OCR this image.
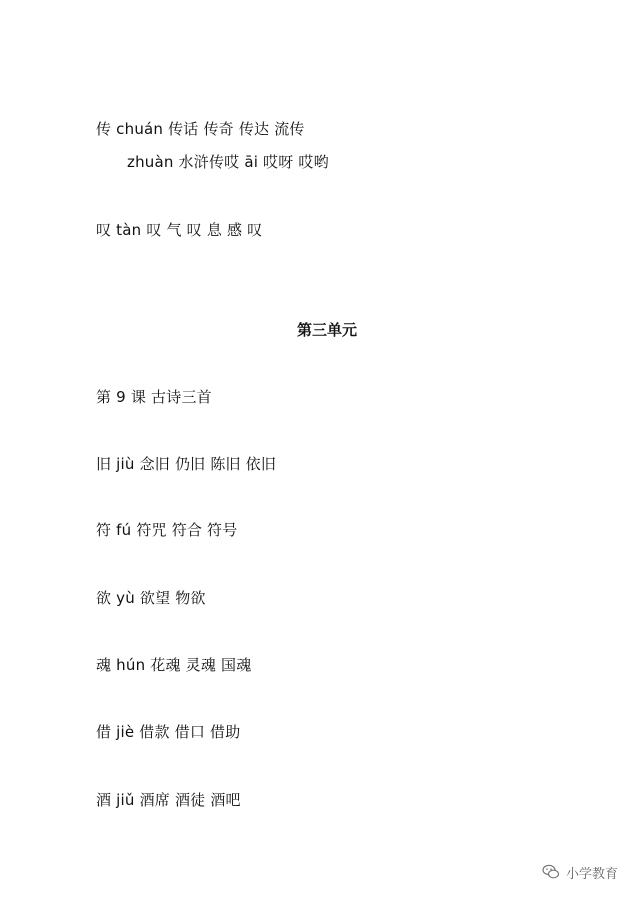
传 chuán 传话 传奇 传达 流传
zhuàn 水浒传哎 āi 哎呀 哎哟
叹 tàn 叹 气 叹 息 感 叹
第三单元
第 9 课 古诗三首
旧 jiù 念旧 仍旧 陈旧 依旧
符 fú 符咒 符合 符号
欲 yù 欲望 物欲
魂 hún 花魂 灵魂 国魂
借 jiè 借款 借口 借助
酒 jiǔ 酒席 酒徒 酒吧
小学教育
